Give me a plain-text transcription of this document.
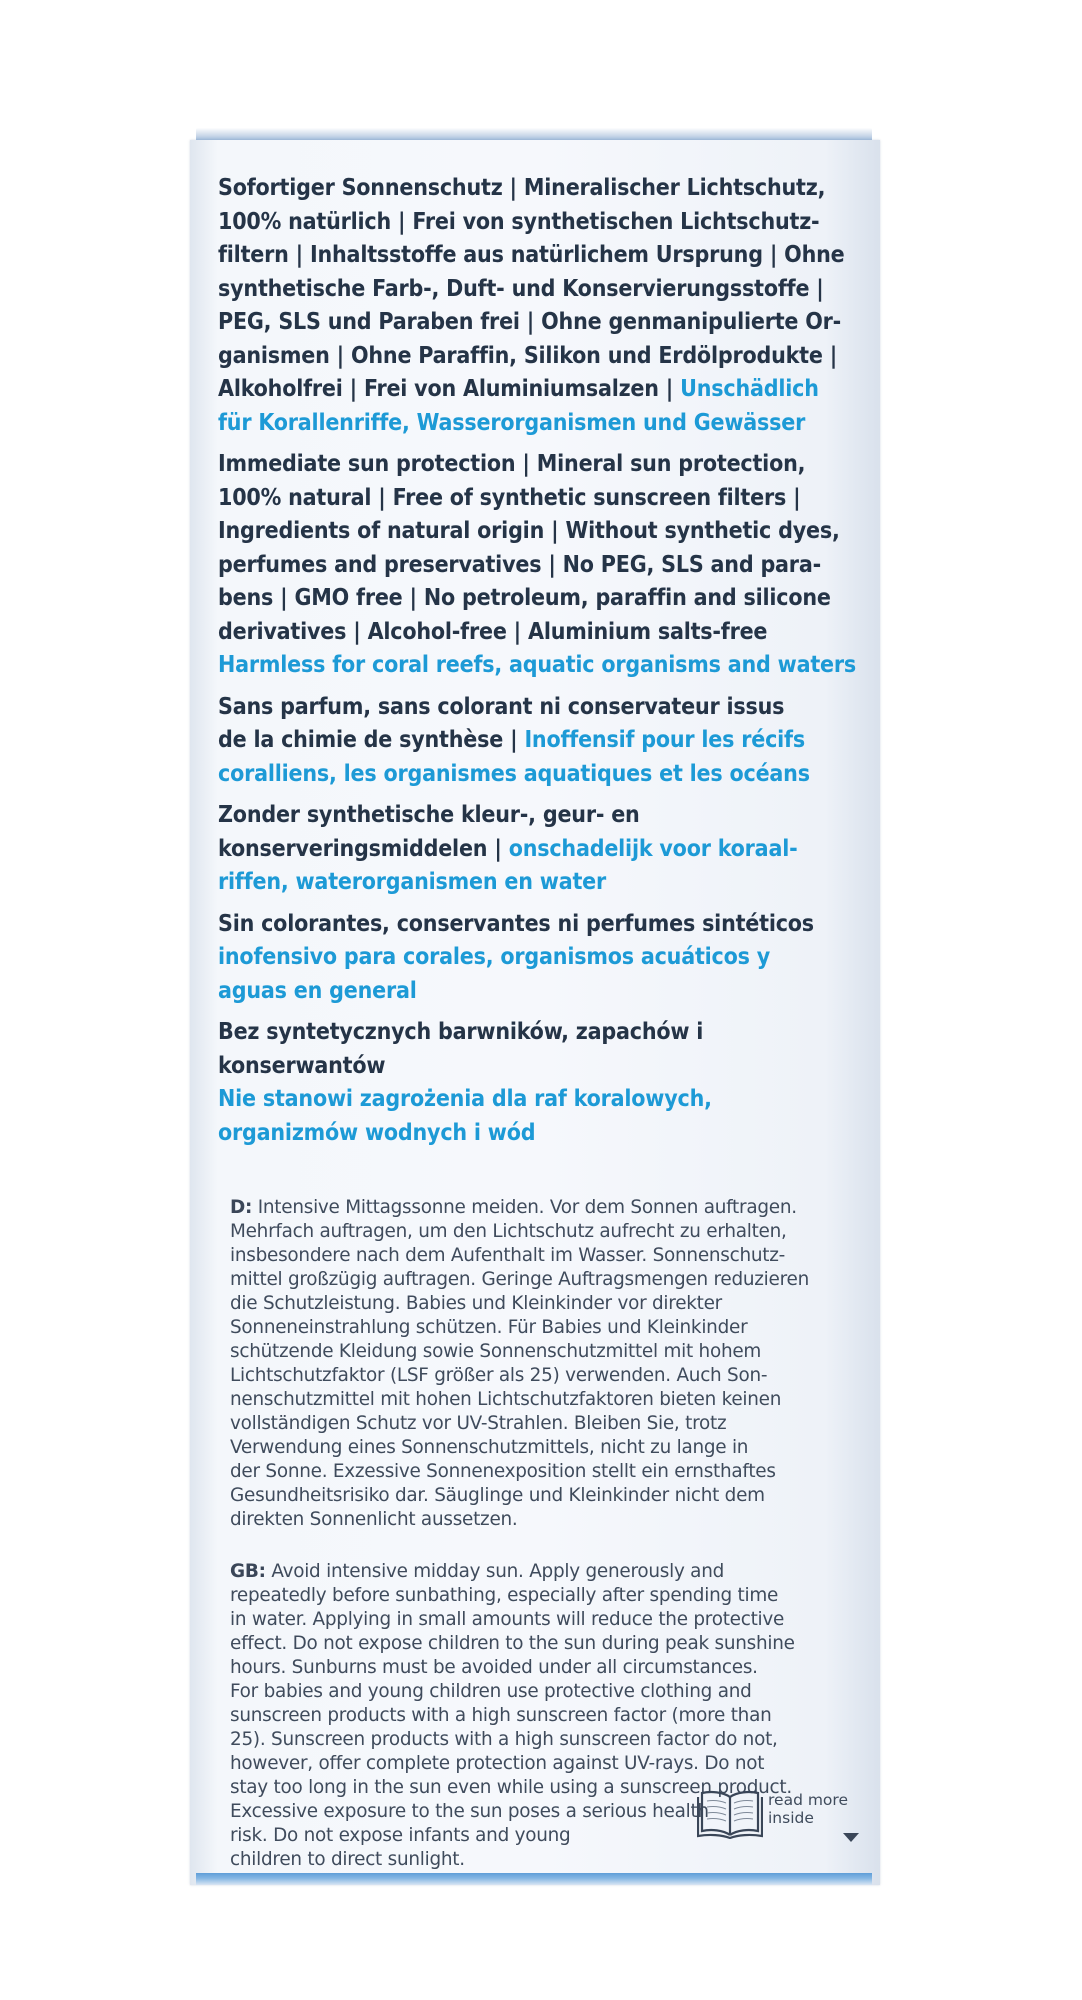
Sofortiger Sonnenschutz | Mineralischer Lichtschutz,
100% natürlich | Frei von synthetischen Lichtschutz-
filtern | Inhaltsstoffe aus natürlichem Ursprung | Ohne
synthetische Farb-, Duft- und Konservierungsstoffe |
PEG, SLS und Paraben frei | Ohne genmanipulierte Or-
ganismen | Ohne Paraffin, Silikon und Erdölprodukte |
Alkoholfrei | Frei von Aluminiumsalzen | Unschädlich
für Korallenriffe, Wasserorganismen und Gewässer
Immediate sun protection | Mineral sun protection,
100% natural | Free of synthetic sunscreen filters |
Ingredients of natural origin | Without synthetic dyes,
perfumes and preservatives | No PEG, SLS and para-
bens | GMO free | No petroleum, paraffin and silicone
derivatives | Alcohol-free | Aluminium salts-free
Harmless for coral reefs, aquatic organisms and waters
Sans parfum, sans colorant ni conservateur issus
de la chimie de synthèse | Inoffensif pour les récifs
coralliens, les organismes aquatiques et les océans
Zonder synthetische kleur-, geur- en
konserveringsmiddelen | onschadelijk voor koraal-
riffen, waterorganismen en water
Sin colorantes, conservantes ni perfumes sintéticos
inofensivo para corales, organismos acuáticos y
aguas en general
Bez syntetycznych barwników, zapachów i konserwantów
Nie stanowi zagrożenia dla raf koralowych,
organizmów wodnych i wód

D: Intensive Mittagssonne meiden. Vor dem Sonnen auftragen.
Mehrfach auftragen, um den Lichtschutz aufrecht zu erhalten,
insbesondere nach dem Aufenthalt im Wasser. Sonnenschutz-
mittel großzügig auftragen. Geringe Auftragsmengen reduzieren
die Schutzleistung. Babies und Kleinkinder vor direkter
Sonneneinstrahlung schützen. Für Babies und Kleinkinder
schützende Kleidung sowie Sonnenschutzmittel mit hohem
Lichtschutzfaktor (LSF größer als 25) verwenden. Auch Son-
nenschutzmittel mit hohen Lichtschutzfaktoren bieten keinen
vollständigen Schutz vor UV-Strahlen. Bleiben Sie, trotz
Verwendung eines Sonnenschutzmittels, nicht zu lange in
der Sonne. Exzessive Sonnenexposition stellt ein ernsthaftes
Gesundheitsrisiko dar. Säuglinge und Kleinkinder nicht dem
direkten Sonnenlicht aussetzen.

GB: Avoid intensive midday sun. Apply generously and
repeatedly before sunbathing, especially after spending time
in water. Applying in small amounts will reduce the protective
effect. Do not expose children to the sun during peak sunshine
hours. Sunburns must be avoided under all circumstances.
For babies and young children use protective clothing and
sunscreen products with a high sunscreen factor (more than
25). Sunscreen products with a high sunscreen factor do not,
however, offer complete protection against UV-rays. Do not
stay too long in the sun even while using a sunscreen product.
Excessive exposure to the sun poses a serious health
risk. Do not expose infants and young
children to direct sunlight.

read more
inside
